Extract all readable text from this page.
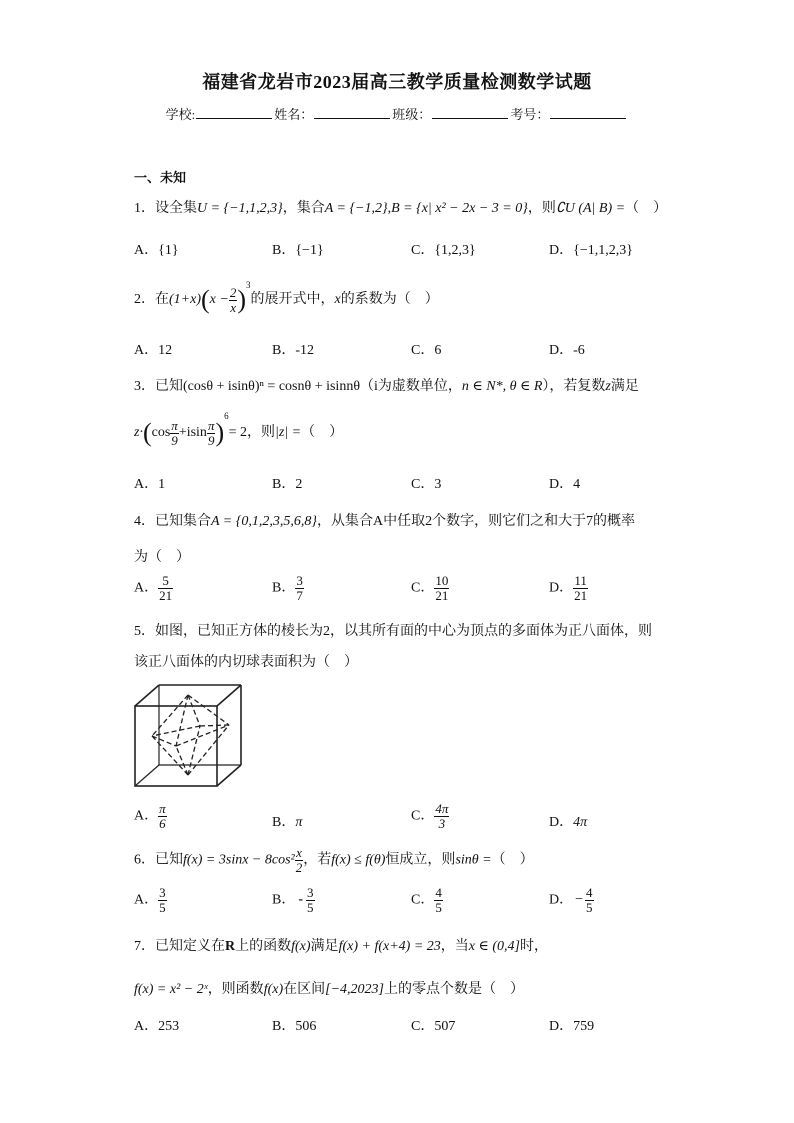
福建省龙岩市2023届高三教学质量检测数学试题
学校:	姓名：	班级：	考号：
一、未知
1．设全集U = {−1,1,2,3}，集合A = {−1,2},B = {x| x² − 2x − 3 = 0}，则∁U (A| B) =（　）
A．{1}	B．{−1}	C．{1,2,3}	D．{−1,1,2,3}
2．在$(1+x)(x - \frac{2}{x} )^3$的展开式中，x的系数为（　）
A．12	B．-12	C．6	D．-6
3．已知(cosθ + isinθ)ⁿ = cosnθ + isinnθ（i为虚数单位，n ∈ N*, θ ∈ R），若复数z满足
$z\cdot(\cos \frac{\pi}{9} +isin \frac{\pi}{9} )^6= 2$，则|z| =（　）
A．1	B．2	C．3	D．4
4．已知集合A = {0,1,2,3,5,6,8}，从集合A中任取2个数字，则它们之和大于7的概率
为（　）
A． $\frac{5}{21}$	B． $\frac{3}{7}$	C． $\frac{10}{21}$	D． $\frac{11}{21}$
5．如图，已知正方体的棱长为2，以其所有面的中心为顶点的多面体为正八面体，则
该正八面体的内切球表面积为（　）
A． $\frac{\pi}{6}$	B．π	C． $\frac{4\pi}{3}$	D．4π
6．已知$f(x) = 3\sin x - 8\cos^2 \frac{x}{2}$ ，若f(x) ≤ f(θ)恒成立，则sinθ =（　）
A． $\frac{3}{5}$	B． - $\frac{3}{5}$	C． $\frac{4}{5}$	D． − $\frac{4}{5}$
7．已知定义在R上的函数f(x)满足f(x) + f(x+4) = 23，当x ∈ (0,4]时，
f(x) = x² − 2ˣ，则函数f(x)在区间[−4,2023]上的零点个数是（　）
A．253	B．506	C．507	D．759
